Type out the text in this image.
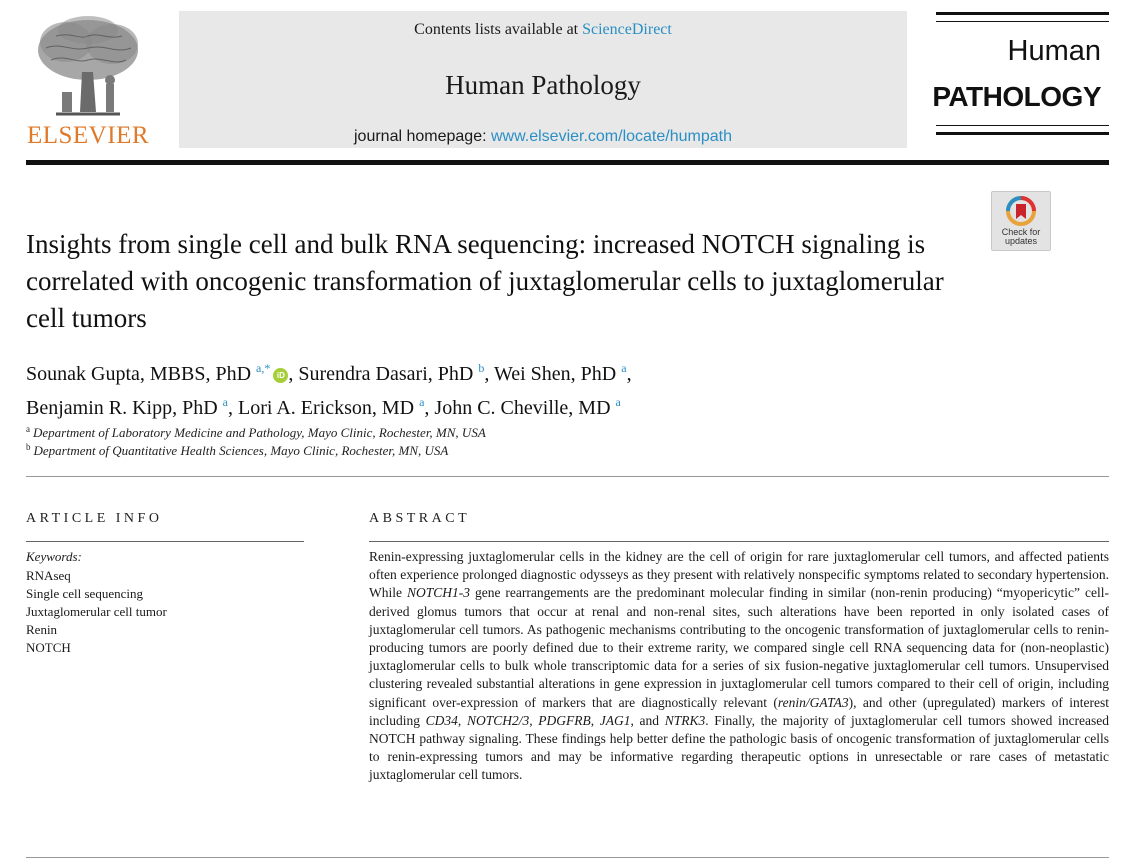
ELSEVIER
Contents lists available at ScienceDirect
Human Pathology
journal homepage: www.elsevier.com/locate/humpath
Human
PATHOLOGY
Check for
updates
Insights from single cell and bulk RNA sequencing: increased NOTCH signaling is correlated with oncogenic transformation of juxtaglomerular cells to juxtaglomerular cell tumors
Sounak Gupta, MBBS, PhD $^{a,*}$iD , Surendra Dasari, PhD $^b$, Wei Shen, PhD $^a$,
Benjamin R. Kipp, PhD $^a$, Lori A. Erickson, MD $^a$, John C. Cheville, MD $^a$
$^a$ Department of Laboratory Medicine and Pathology, Mayo Clinic, Rochester, MN, USA
$^b$ Department of Quantitative Health Sciences, Mayo Clinic, Rochester, MN, USA
ARTICLE INFO
Keywords:
RNAseq
Single cell sequencing
Juxtaglomerular cell tumor
Renin
NOTCH
ABSTRACT
Renin-expressing juxtaglomerular cells in the kidney are the cell of origin for rare juxtaglomerular cell tumors, and affected patients often experience prolonged diagnostic odysseys as they present with relatively nonspecific symptoms related to secondary hypertension. While NOTCH1-3 gene rearrangements are the predominant molecular finding in similar (non-renin producing) “myopericytic” cell-derived glomus tumors that occur at renal and non-renal sites, such alterations have been reported in only isolated cases of juxtaglomerular cell tumors. As pathogenic mechanisms contributing to the oncogenic transformation of juxtaglomerular cells to renin-producing tumors are poorly defined due to their extreme rarity, we compared single cell RNA sequencing data for (non-neoplastic) juxtaglomerular cells to bulk whole transcriptomic data for a series of six fusion-negative juxtaglomerular cell tumors. Unsupervised clustering revealed substantial alterations in gene expression in juxtaglomerular cell tumors compared to their cell of origin, including significant over-expression of markers that are diagnostically relevant (renin/GATA3), and other (upregulated) markers of interest including CD34, NOTCH2/3, PDGFRB, JAG1, and NTRK3. Finally, the majority of juxtaglomerular cell tumors showed increased NOTCH pathway signaling. These findings help better define the pathologic basis of oncogenic transformation of juxtaglomerular cells to renin-expressing tumors and may be informative regarding therapeutic options in unresectable or rare cases of metastatic juxtaglomerular cell tumors.
